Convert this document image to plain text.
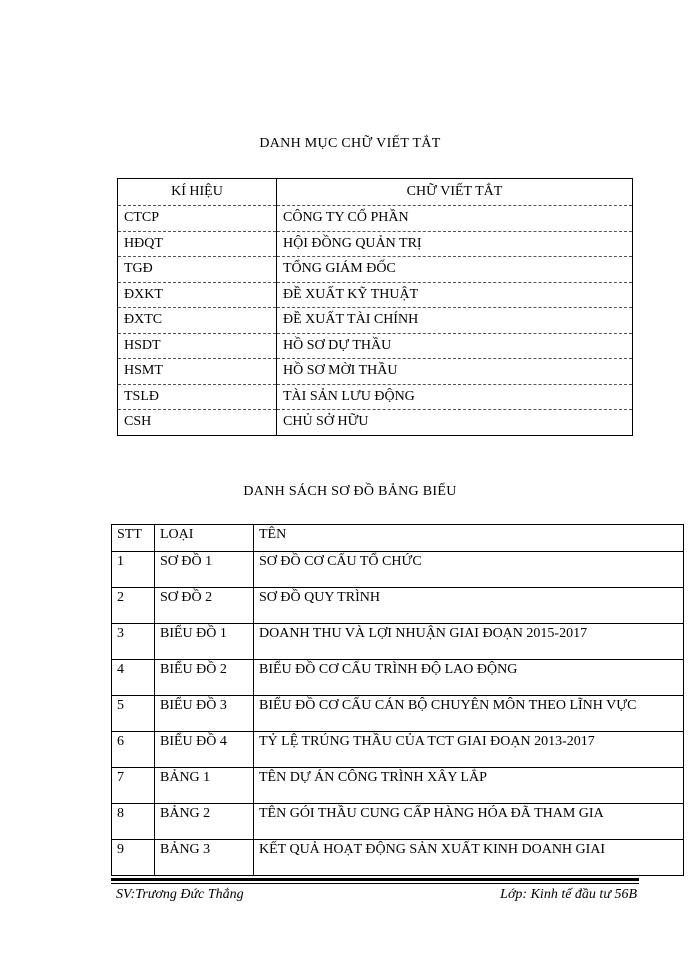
DANH MỤC CHỮ VIẾT TẮT
KÍ HIỆU	CHỮ VIẾT TẮT
CTCP	CÔNG TY CỔ PHẦN
HĐQT	HỘI ĐỒNG QUẢN TRỊ
TGĐ	TỔNG GIÁM ĐỐC
ĐXKT	ĐỀ XUẤT KỸ THUẬT
ĐXTC	ĐỀ XUẤT TÀI CHÍNH
HSDT	HỒ SƠ DỰ THẦU
HSMT	HỒ SƠ MỜI THẦU
TSLĐ	TÀI SẢN LƯU ĐỘNG
CSH	CHỦ SỞ HỮU
DANH SÁCH SƠ ĐỒ BẢNG BIỂU
STT	LOẠI	TÊN
1	SƠ ĐỒ 1	SƠ ĐỒ CƠ CẤU TỔ CHỨC
2	SƠ ĐỒ 2	SƠ ĐỒ QUY TRÌNH
3	BIỂU ĐỒ 1	DOANH THU VÀ LỢI NHUẬN GIAI ĐOẠN 2015-2017
4	BIỂU ĐỒ 2	BIỂU ĐỒ CƠ CẤU TRÌNH ĐỘ LAO ĐỘNG
5	BIỂU ĐỒ 3	BIỂU ĐỒ CƠ CẤU CÁN BỘ CHUYÊN MÔN THEO LĨNH VỰC
6	BIỂU ĐỒ 4	TỶ LỆ TRÚNG THẦU CỦA TCT GIAI ĐOẠN 2013-2017
7	BẢNG 1	TÊN DỰ ÁN CÔNG TRÌNH XÂY LẮP
8	BẢNG 2	TÊN GÓI THẦU CUNG CẤP HÀNG HÓA ĐÃ THAM GIA
9	BẢNG 3	KẾT QUẢ HOẠT ĐỘNG SẢN XUẤT KINH DOANH GIAI
SV:Trương Đức Thắng	Lớp: Kinh tế đầu tư 56B
